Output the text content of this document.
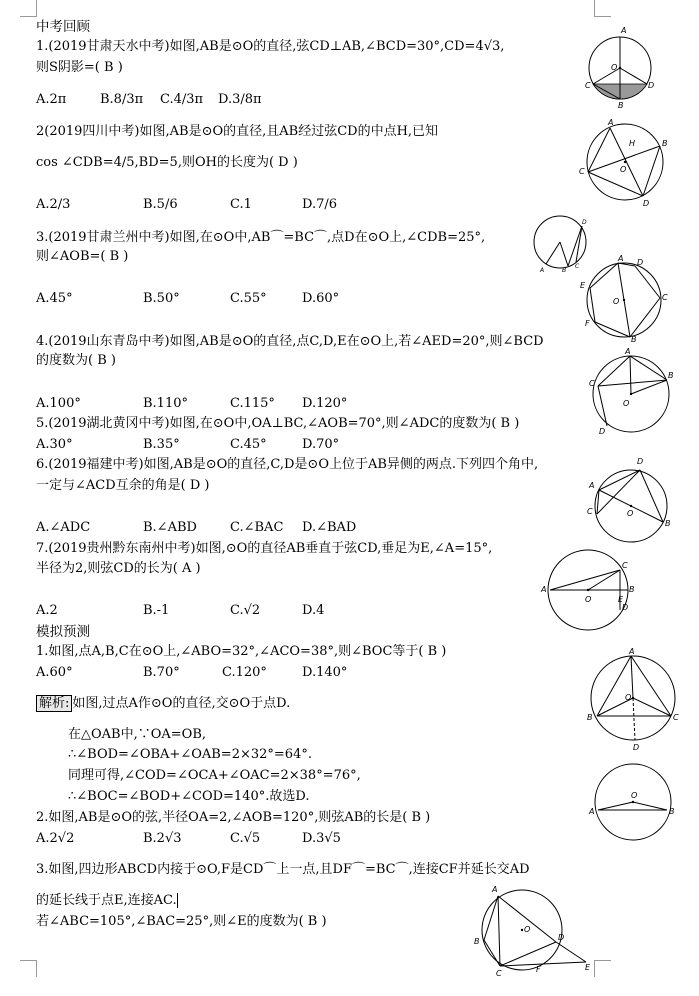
中考回顾
1.(2019甘肃天水中考)如图,AB是⊙O的直径,弦CD⊥AB,∠BCD=30°,CD=4√3,
则S阴影=( B )
A.2π	B.8/3π C.4/3π D.3/8π
2(2019四川中考)如图,AB是⊙O的直径,且AB经过弦CD的中点H,已知
cos ∠CDB=4/5,BD=5,则OH的长度为( D )
A.2/3	B.5/6	C.1	D.7/6
3.(2019甘肃兰州中考)如图,在⊙O中,AB⌒=BC⌒,点D在⊙O上,∠CDB=25°,
则∠AOB=( B )
A.45°	B.50°	C.55°	D.60°
4.(2019山东青岛中考)如图,AB是⊙O的直径,点C,D,E在⊙O上,若∠AED=20°,则∠BCD
的度数为( B )
A.100°	B.110°	C.115° D.120°
5.(2019湖北黄冈中考)如图,在⊙O中,OA⊥BC,∠AOB=70°,则∠ADC的度数为( B )
A.30°	B.35°	C.45°	D.70°
6.(2019福建中考)如图,AB是⊙O的直径,C,D是⊙O上位于AB异侧的两点.下列四个角中,
一定与∠ACD互余的角是( D )
A.∠ADC	B.∠ABD	C.∠BAC D.∠BAD
7.(2019贵州黔东南州中考)如图,⊙O的直径AB垂直于弦CD,垂足为E,∠A=15°,
半径为2,则弦CD的长为( A )
A.2	B.-1	C.√2	D.4
模拟预测
1.如图,点A,B,C在⊙O上,∠ABO=32°,∠ACO=38°,则∠BOC等于( B )
A.60°	B.70°	C.120°	D.140°
解析: 如图,过点A作⊙O的直径,交⊙O于点D.
在△OAB中,∵OA=OB,
∴∠BOD=∠OBA+∠OAB=2×32°=64°.
同理可得,∠COD=∠OCA+∠OAC=2×38°=76°,
∴∠BOC=∠BOD+∠COD=140°.故选D.
2.如图,AB是⊙O的弦,半径OA=2,∠AOB=120°,则弦AB的长是( B )
A.2√2	B.2√3	C.√5	D.3√5
3.如图,四边形ABCD内接于⊙O,F是CD⌒上一点,且DF⌒=BC⌒,连接CF并延长交AD
的延长线于点E,连接AC.
若∠ABC=105°,∠BAC=25°,则∠E的度数为( B )
A
O
C	D
B
A
H
O
C
B
D
A	B
C
D
A D
E
O	C
F
B
A
C
B
O
D
D
A
C	O
B
A
C
B
O	E
D
A
B	C
O
D
A	B
O
A
B
C
D
F	E
O
